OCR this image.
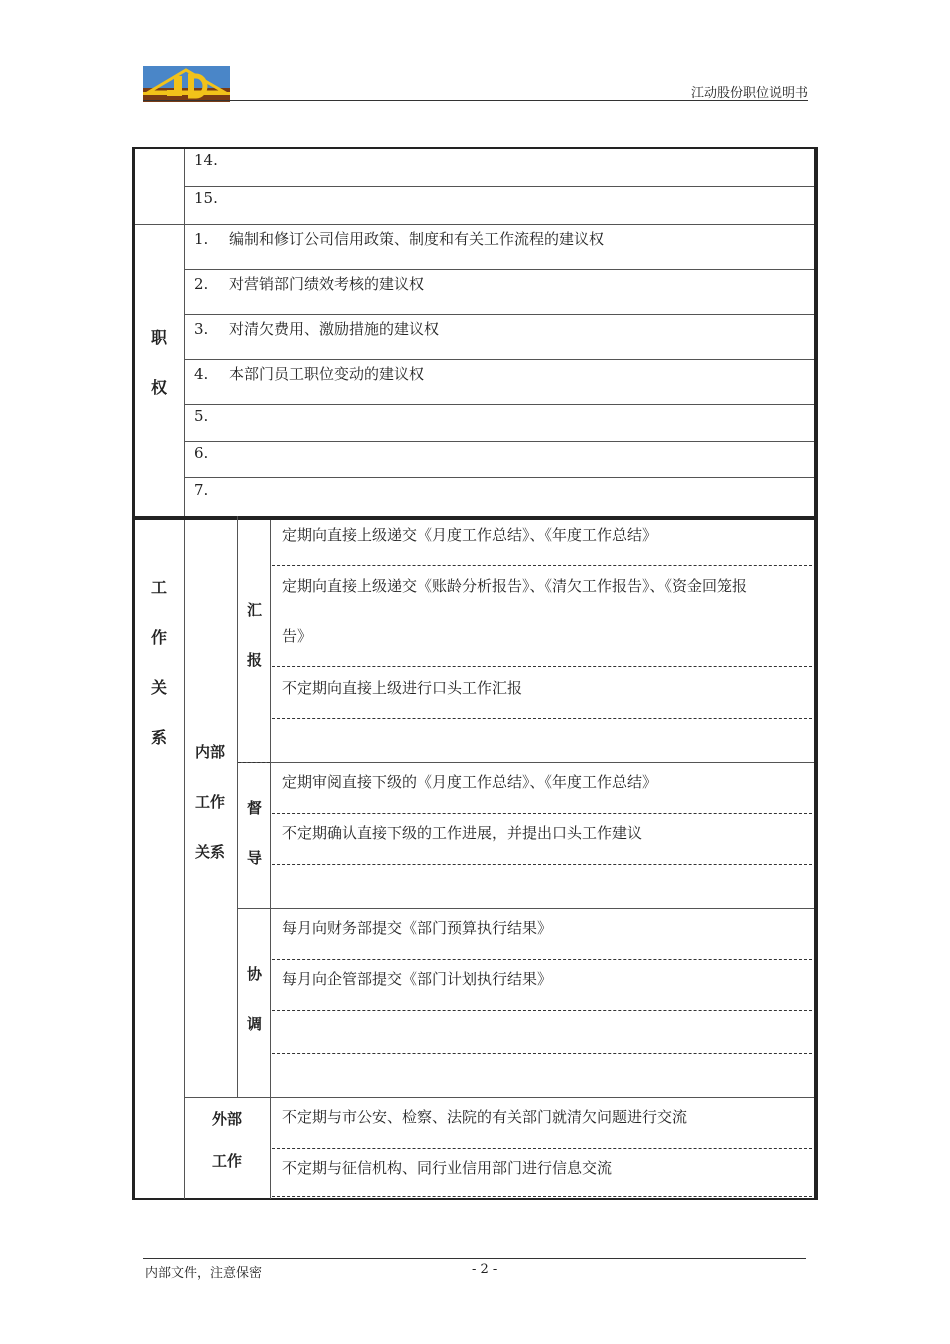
江动股份职位说明书
14.
15.
职
权
1. 编制和修订公司信用政策、制度和有关工作流程的建议权
2. 对营销部门绩效考核的建议权
3. 对清欠费用、激励措施的建议权
4. 本部门员工职位变动的建议权
5.
6.
7.
工
作
关
系
内部
工作
关系
汇
报
督
导
协
调
外部
工作
定期向直接上级递交《月度工作总结》、《年度工作总结》
定期向直接上级递交《账龄分析报告》、《清欠工作报告》、《资金回笼报
告》
不定期向直接上级进行口头工作汇报
定期审阅直接下级的《月度工作总结》、《年度工作总结》
不定期确认直接下级的工作进展，并提出口头工作建议
每月向财务部提交《部门预算执行结果》
每月向企管部提交《部门计划执行结果》
不定期与市公安、检察、法院的有关部门就清欠问题进行交流
不定期与征信机构、同行业信用部门进行信息交流
内部文件，注意保密	- 2 -
